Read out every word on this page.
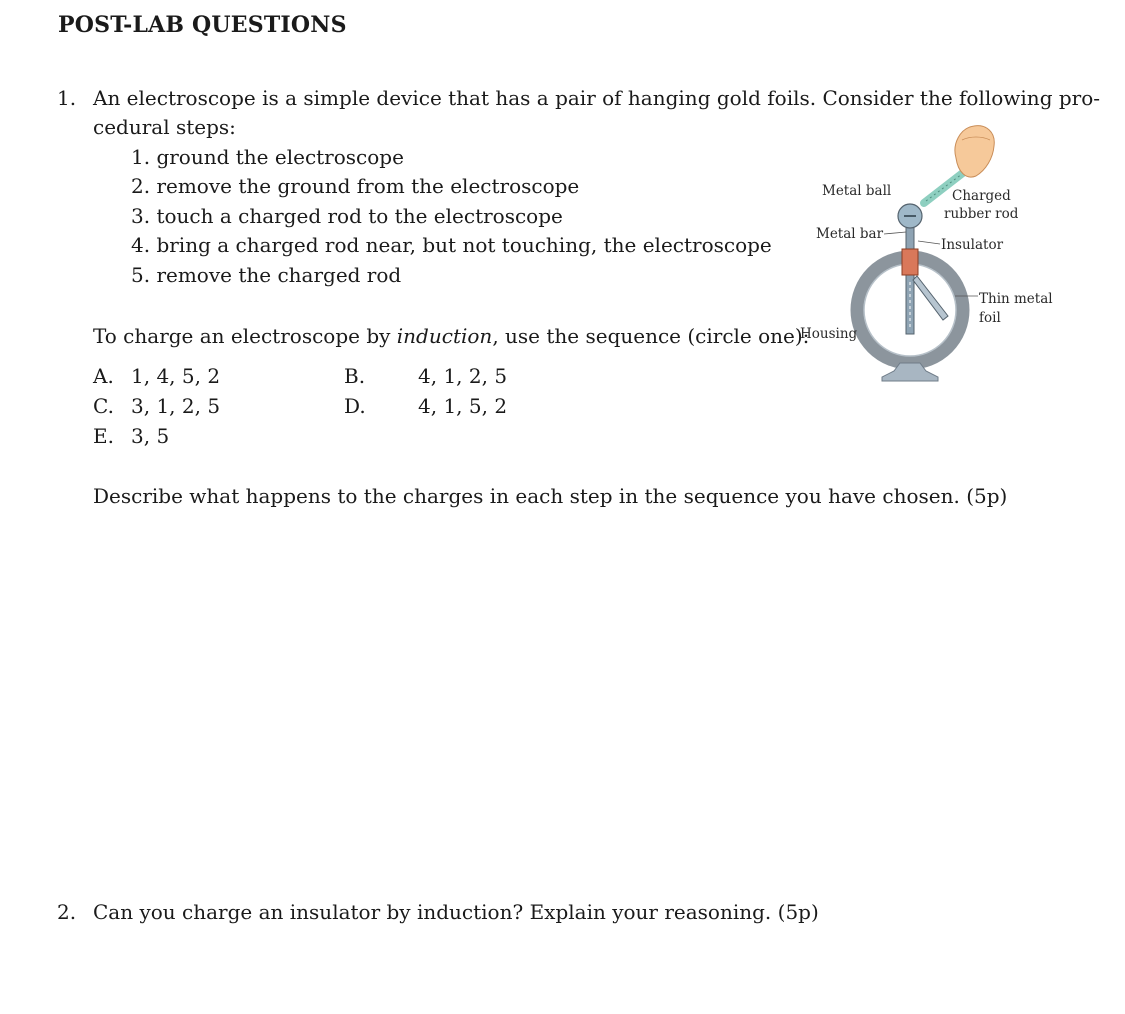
POST-LAB QUESTIONS
1. An electroscope is a simple device that has a pair of hanging gold foils. Consider the following pro-
cedural steps:
1. ground the electroscope
2. remove the ground from the electroscope
3. touch a charged rod to the electroscope
4. bring a charged rod near, but not touching, the electroscope
5. remove the charged rod
To charge an electroscope by induction, use the sequence (circle one):
A. 1, 4, 5, 2	B.	4, 1, 2, 5
C. 3, 1, 2, 5	D.	4, 1, 5, 2
E. 3, 5
Describe what happens to the charges in each step in the sequence you have chosen. (5p)
Metal ball	Charged
rubber rod
Metal bar
Insulator
Thin metal
foil
Housing
2. Can you charge an insulator by induction? Explain your reasoning. (5p)
